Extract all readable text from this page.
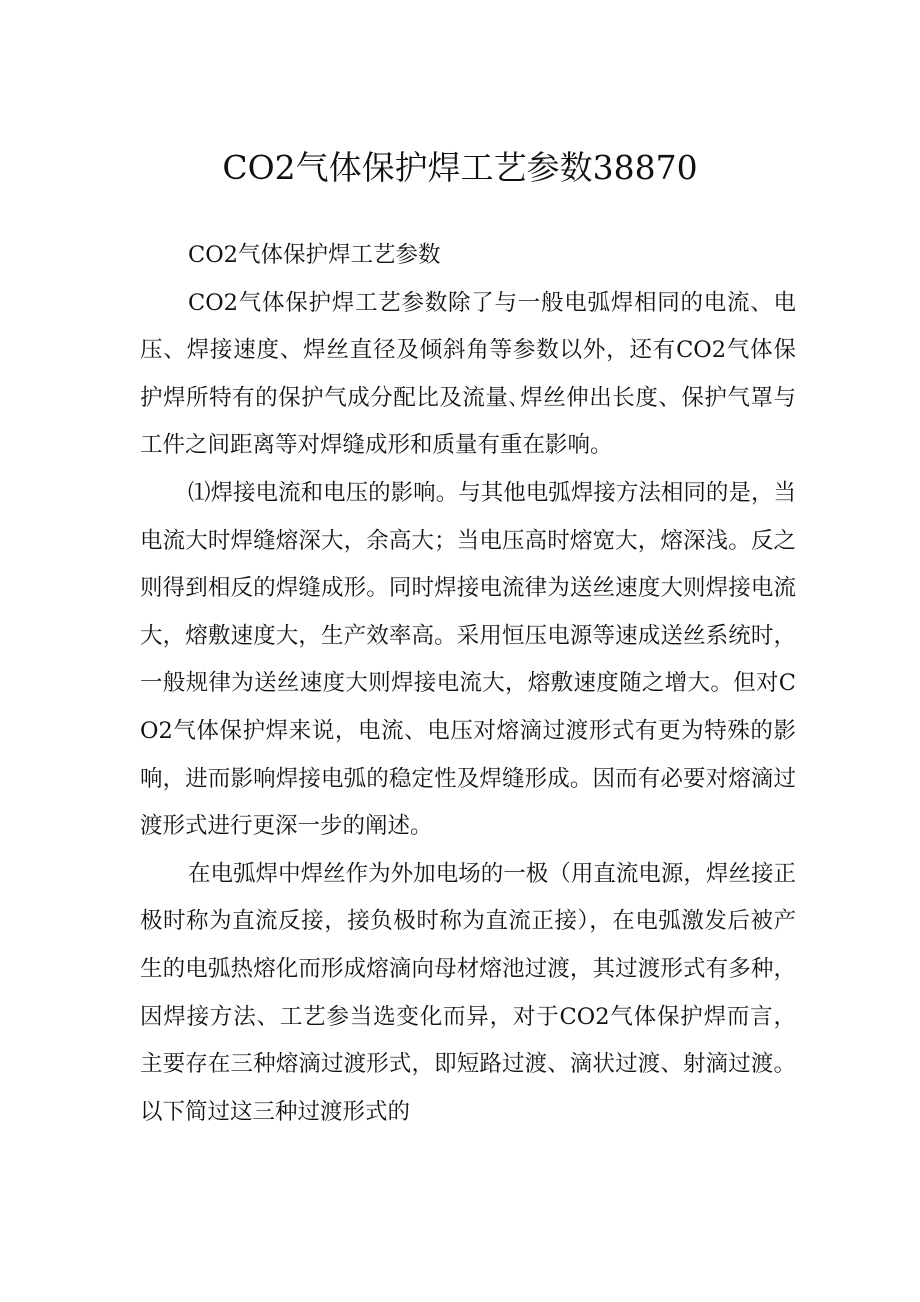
CO2气体保护焊工艺参数38870

CO2气体保护焊工艺参数

CO2气体保护焊工艺参数除了与一般电弧焊相同的电流、电压、焊接速度、焊丝直径及倾斜角等参数以外，还有CO2气体保护焊所特有的保护气成分配比及流量､焊丝伸出长度、保护气罩与工件之间距离等对焊缝成形和质量有重在影响。

⑴焊接电流和电压的影响。与其他电弧焊接方法相同的是，当电流大时焊缝熔深大，余高大；当电压高时熔宽大，熔深浅。反之则得到相反的焊缝成形。同时焊接电流律为送丝速度大则焊接电流大，熔敷速度大，生产效率高。采用恒压电源等速成送丝系统时，一般规律为送丝速度大则焊接电流大，熔敷速度随之增大。但对CO2气体保护焊来说，电流、电压对熔滴过渡形式有更为特殊的影响，进而影响焊接电弧的稳定性及焊缝形成。因而有必要对熔滴过渡形式进行更深一步的阐述。

在电弧焊中焊丝作为外加电场的一极（用直流电源，焊丝接正极时称为直流反接，接负极时称为直流正接），在电弧激发后被产生的电弧热熔化而形成熔滴向母材熔池过渡，其过渡形式有多种，因焊接方法、工艺参当选变化而异，对于CO2气体保护焊而言，主要存在三种熔滴过渡形式，即短路过渡、滴状过渡、射滴过渡。以下简过这三种过渡形式的
